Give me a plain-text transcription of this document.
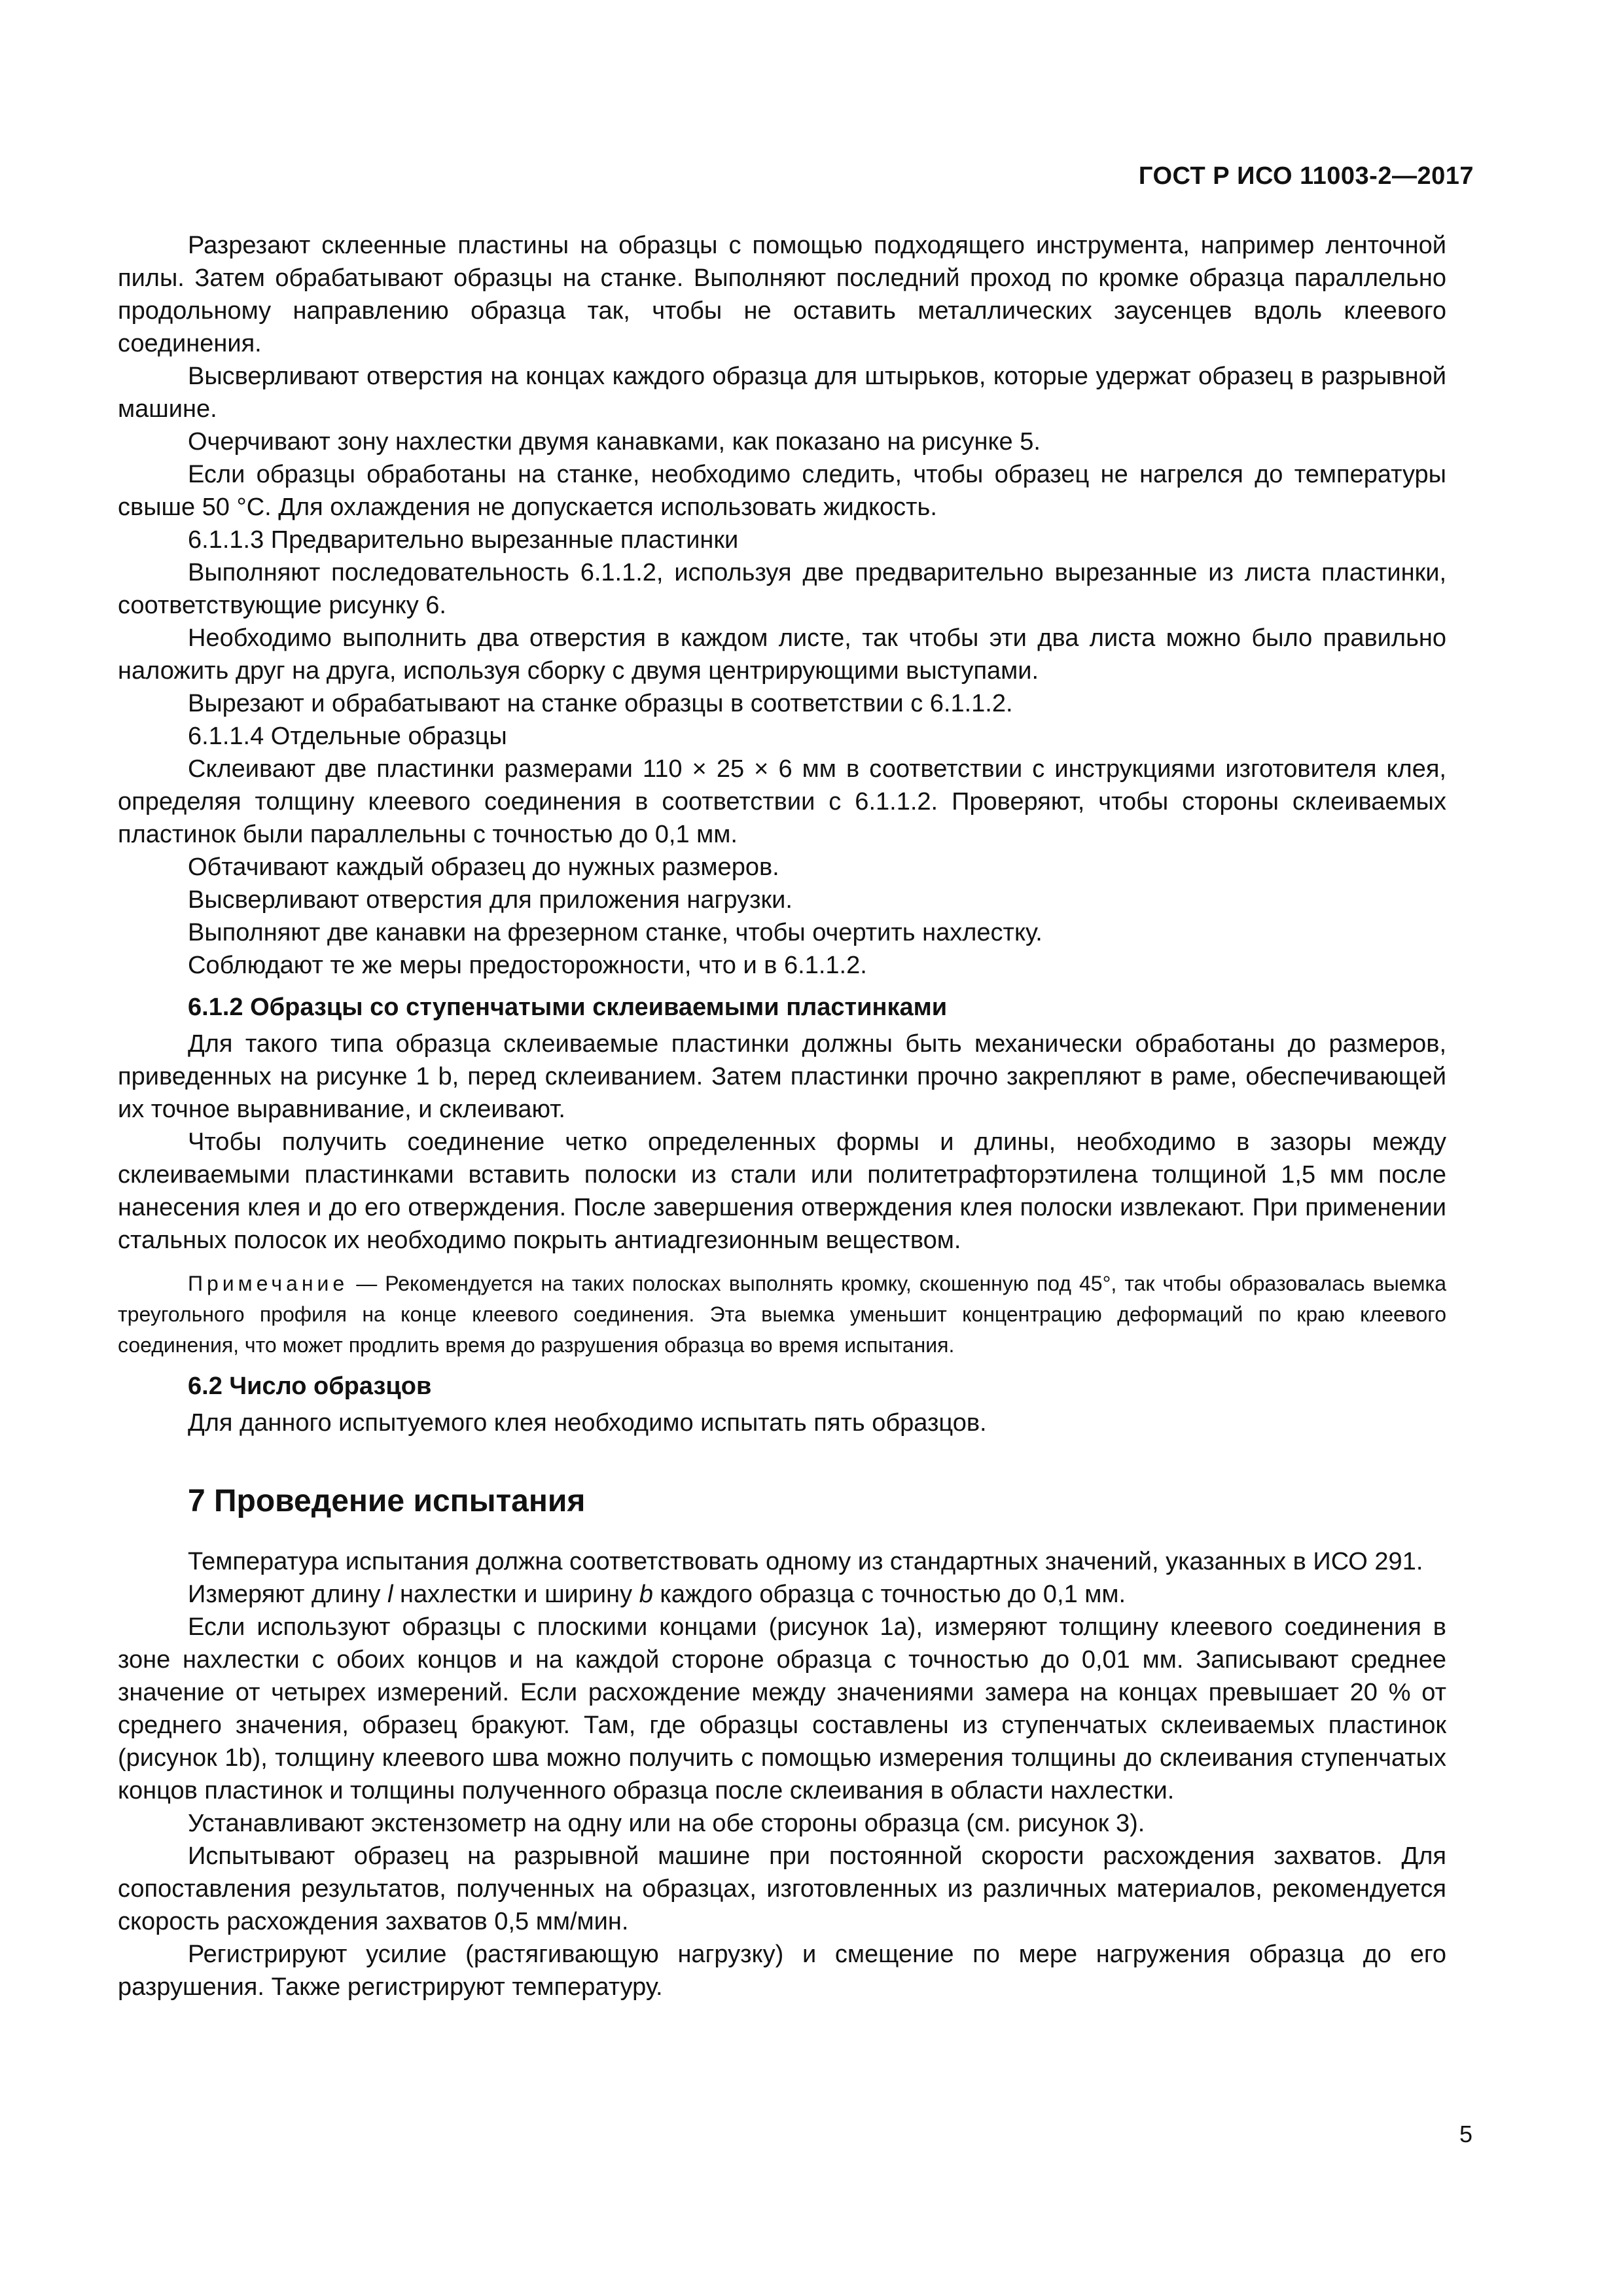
ГОСТ Р ИСО 11003-2—2017

Разрезают склеенные пластины на образцы с помощью подходящего инструмента, например ленточной пилы. Затем обрабатывают образцы на станке. Выполняют последний проход по кромке образца параллельно продольному направлению образца так, чтобы не оставить металлических заусенцев вдоль клеевого соединения.

Высверливают отверстия на концах каждого образца для штырьков, которые удержат образец в разрывной машине.

Очерчивают зону нахлестки двумя канавками, как показано на рисунке 5.

Если образцы обработаны на станке, необходимо следить, чтобы образец не нагрелся до температуры свыше 50 °С. Для охлаждения не допускается использовать жидкость.

6.1.1.3 Предварительно вырезанные пластинки

Выполняют последовательность 6.1.1.2, используя две предварительно вырезанные из листа пластинки, соответствующие рисунку 6.

Необходимо выполнить два отверстия в каждом листе, так чтобы эти два листа можно было правильно наложить друг на друга, используя сборку с двумя центрирующими выступами.

Вырезают и обрабатывают на станке образцы в соответствии с 6.1.1.2.

6.1.1.4 Отдельные образцы

Склеивают две пластинки размерами 110 × 25 × 6 мм в соответствии с инструкциями изготовителя клея, определяя толщину клеевого соединения в соответствии с 6.1.1.2. Проверяют, чтобы стороны склеиваемых пластинок были параллельны с точностью до 0,1 мм.

Обтачивают каждый образец до нужных размеров.

Высверливают отверстия для приложения нагрузки.

Выполняют две канавки на фрезерном станке, чтобы очертить нахлестку.

Соблюдают те же меры предосторожности, что и в 6.1.1.2.

6.1.2 Образцы со ступенчатыми склеиваемыми пластинками

Для такого типа образца склеиваемые пластинки должны быть механически обработаны до размеров, приведенных на рисунке 1 b, перед склеиванием. Затем пластинки прочно закрепляют в раме, обеспечивающей их точное выравнивание, и склеивают.

Чтобы получить соединение четко определенных формы и длины, необходимо в зазоры между склеиваемыми пластинками вставить полоски из стали или политетрафторэтилена толщиной 1,5 мм после нанесения клея и до его отверждения. После завершения отверждения клея полоски извлекают. При применении стальных полосок их необходимо покрыть антиадгезионным веществом.

Примечание — Рекомендуется на таких полосках выполнять кромку, скошенную под 45°, так чтобы образовалась выемка треугольного профиля на конце клеевого соединения. Эта выемка уменьшит концентрацию деформаций по краю клеевого соединения, что может продлить время до разрушения образца во время испытания.
6.2 Число образцов

Для данного испытуемого клея необходимо испытать пять образцов.

7 Проведение испытания

Температура испытания должна соответствовать одному из стандартных значений, указанных в ИСО 291.

Измеряют длину l нахлестки и ширину b каждого образца с точностью до 0,1 мм.

Если используют образцы с плоскими концами (рисунок 1а), измеряют толщину клеевого соединения в зоне нахлестки с обоих концов и на каждой стороне образца с точностью до 0,01 мм. Записывают среднее значение от четырех измерений. Если расхождение между значениями замера на концах превышает 20 % от среднего значения, образец бракуют. Там, где образцы составлены из ступенчатых склеиваемых пластинок (рисунок 1b), толщину клеевого шва можно получить с помощью измерения толщины до склеивания ступенчатых концов пластинок и толщины полученного образца после склеивания в области нахлестки.

Устанавливают экстензометр на одну или на обе стороны образца (см. рисунок 3).

Испытывают образец на разрывной машине при постоянной скорости расхождения захватов. Для сопоставления результатов, полученных на образцах, изготовленных из различных материалов, рекомендуется скорость расхождения захватов 0,5 мм/мин.

Регистрируют усилие (растягивающую нагрузку) и смещение по мере нагружения образца до его разрушения. Также регистрируют температуру.

5
